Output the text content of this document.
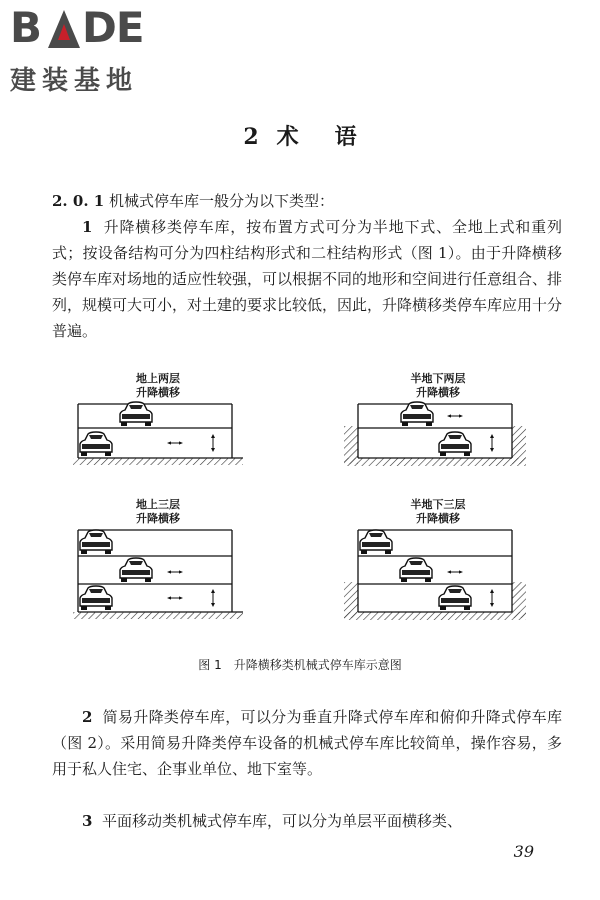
B DE
建装基地
2 术 语
2. 0. 1 机械式停车库一般分为以下类型：
1 升降横移类停车库，按布置方式可分为半地下式、全地上式和重列式；按设备结构可分为四柱结构形式和二柱结构形式（图 1）。由于升降横移类停车库对场地的适应性较强，可以根据不同的地形和空间进行任意组合、排列，规模可大可小，对土建的要求比较低，因此，升降横移类停车库应用十分普遍。
地上两层
升降横移
半地下两层
升降横移
地上三层
升降横移
半地下三层
升降横移
图 1　升降横移类机械式停车库示意图
2 简易升降类停车库，可以分为垂直升降式停车库和俯仰升降式停车库（图 2）。采用简易升降类停车设备的机械式停车库比较简单，操作容易，多用于私人住宅、企事业单位、地下室等。
3 平面移动类机械式停车库，可以分为单层平面横移类、
39
